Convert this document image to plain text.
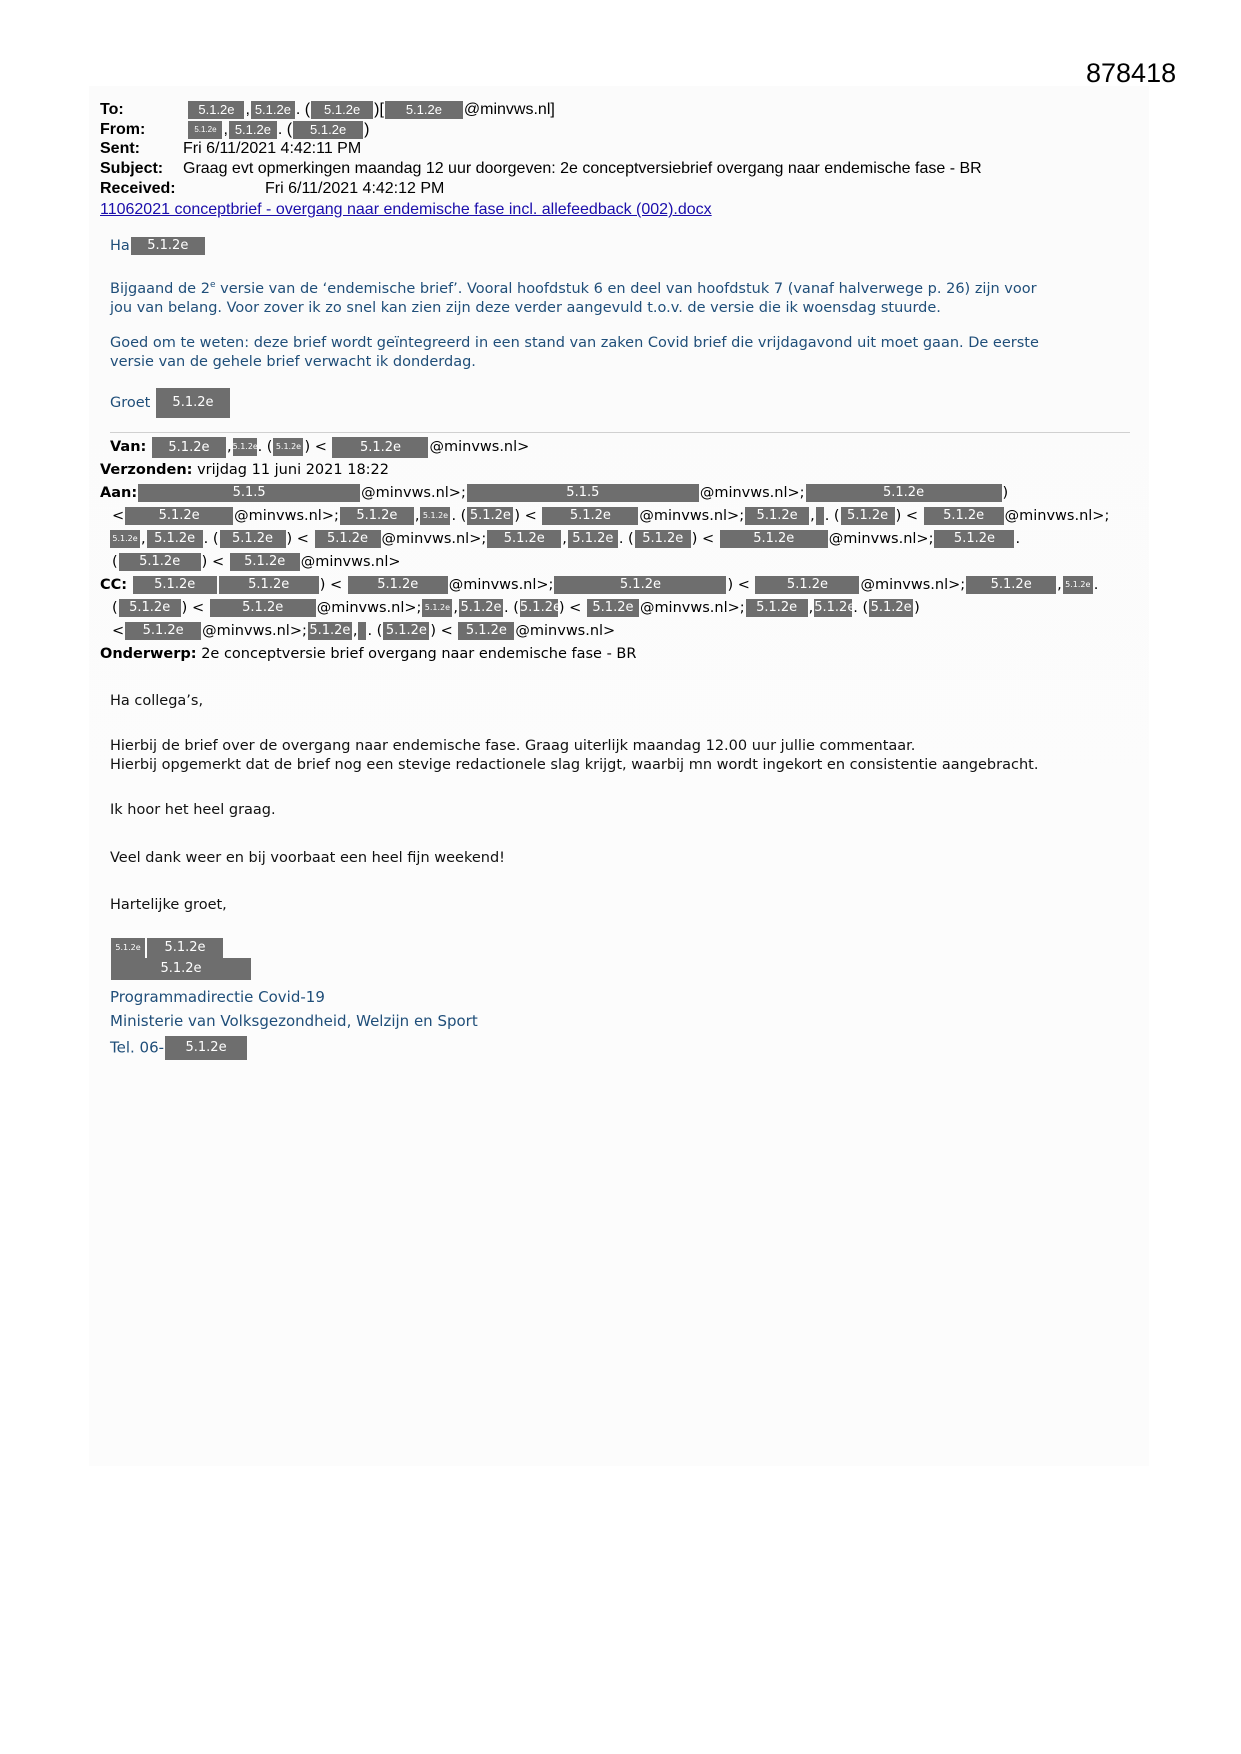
878418
To:	5.1.2e , 5.1.2e . ( 5.1.2e )[ 5.1.2e @minvws.nl]
From:	5.1.2e , 5.1.2e . ( 5.1.2e )
Sent:	Fri 6/11/2021 4:42:11 PM
Subject: Graag evt opmerkingen maandag 12 uur doorgeven: 2e conceptversiebrief overgang naar endemische fase - BR
Received:	Fri 6/11/2021 4:42:12 PM
11062021 conceptbrief - overgang naar endemische fase incl. allefeedback (002).docx
Ha 5.1.2e
Bijgaand de 2e versie van de ‘endemische brief’. Vooral hoofdstuk 6 en deel van hoofdstuk 7 (vanaf halverwege p. 26) zijn voor
jou van belang. Voor zover ik zo snel kan zien zijn deze verder aangevuld t.o.v. de versie die ik woensdag stuurde.
Goed om te weten: deze brief wordt geïntegreerd in een stand van zaken Covid brief die vrijdagavond uit moet gaan. De eerste
versie van de gehele brief verwacht ik donderdag.
Groet 5.1.2e
Van: 5.1.2e ,5.1.2e. ( 5.1.2e ) < 5.1.2e @minvws.nl>
Verzonden: vrijdag 11 juni 2021 18:22
Aan:	5.1.5	@minvws.nl>;	5.1.5	@minvws.nl>;	5.1.2e	)
<	5.1.2e @minvws.nl>; 5.1.2e , 5.1.2e . ( 5.1.2e ) < 5.1.2e @minvws.nl>; 5.1.2e , . ( 5.1.2e ) < 5.1.2e @minvws.nl>;
5.1.2e , 5.1.2e . ( 5.1.2e ) < 5.1.2e @minvws.nl>; 5.1.2e , 5.1.2e . ( 5.1.2e ) <	5.1.2e @minvws.nl>; 5.1.2e .
( 5.1.2e ) < 5.1.2e @minvws.nl>
CC: 5.1.2e	5.1.2e ) < 5.1.2e @minvws.nl>;	5.1.2e	) < 5.1.2e @minvws.nl>; 5.1.2e , 5.1.2e .
( 5.1.2e ) <	5.1.2e @minvws.nl>; 5.1.2e , 5.1.2e . (5.1.2e) < 5.1.2e @minvws.nl>; 5.1.2e ,5.1.2e. ( 5.1.2e )
< 5.1.2e @minvws.nl>; 5.1.2e , . ( 5.1.2e ) < 5.1.2e @minvws.nl>
Onderwerp: 2e conceptversie brief overgang naar endemische fase - BR
Ha collega’s,
Hierbij de brief over de overgang naar endemische fase. Graag uiterlijk maandag 12.00 uur jullie commentaar.
Hierbij opgemerkt dat de brief nog een stevige redactionele slag krijgt, waarbij mn wordt ingekort en consistentie aangebracht.
Ik hoor het heel graag.
Veel dank weer en bij voorbaat een heel fijn weekend!
Hartelijke groet,
5.1.2e 5.1.2e
5.1.2e
Programmadirectie Covid-19
Ministerie van Volksgezondheid, Welzijn en Sport
Tel. 06- 5.1.2e
